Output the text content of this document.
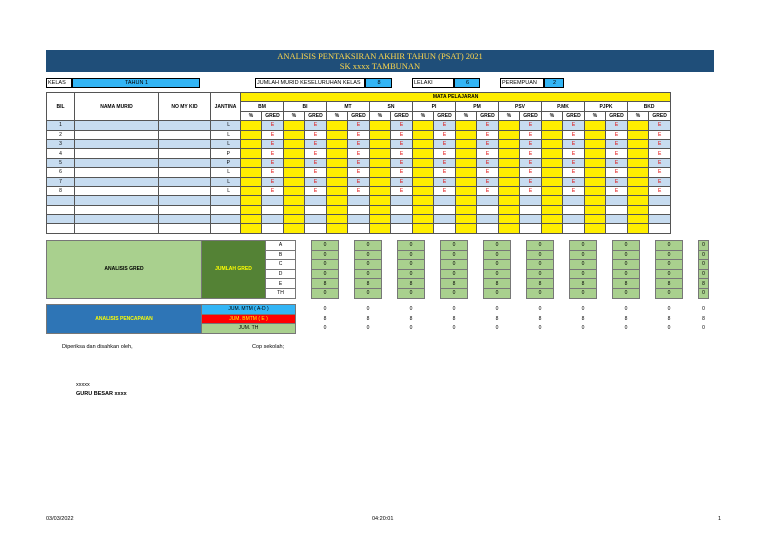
ANALISIS PENTAKSIRAN AKHIR TAHUN (PSAT) 2021
SK xxxx TAMBUNAN
KELAS	TAHUN 1	JUMLAH MURID KESELURUHAN KELAS	8	LELAKI	6	PEREMPUAN	2
BIL	NAMA MURID	NO MY KID	JANTINA	MATA PELAJARAN																			
				BM		BI		MT		SN		PI		PM		PSV		P.MK		PJPK		BKD	
				%	GRED	%	GRED	%	GRED	%	GRED	%	GRED	%	GRED	%	GRED	%	GRED	%	GRED	%	GRED
1			L		E		E		E		E		E		E		E		E		E		E
2			L		E		E		E		E		E		E		E		E		E		E
3			L		E		E		E		E		E		E		E		E		E		E
4			P		E		E		E		E		E		E		E		E		E		E
5			P		E		E		E		E		E		E		E		E		E		E
6			L		E		E		E		E		E		E		E		E		E		E
7			L		E		E		E		E		E		E		E		E		E		E
8			L		E		E		E		E		E		E		E		E		E		E

ANALISIS GRED	JUMLAH GRED	A		0		0		0		0		0		0		0		0		0		0
		B		0		0		0		0		0		0		0		0		0		0
		C		0		0		0		0		0		0		0		0		0		0
		D		0		0		0		0		0		0		0		0		0		0
		E		8		8		8		8		8		8		8		8		8		8
		TH		0		0		0		0		0		0		0		0		0		0
ANALISIS PENCAPAIAN	JUM. MTM ( A-D )		0		0		0		0		0		0		0		0		0		0
	JUM. BMTM ( E )		8		8		8		8		8		8		8		8		8		8
	JUM. TH		0		0		0		0		0		0		0		0		0		0
Diperiksa dan disahkan oleh,	Cop sekolah;
xxxxx
GURU BESAR xxxx
03/03/2022	04:20:01	1
